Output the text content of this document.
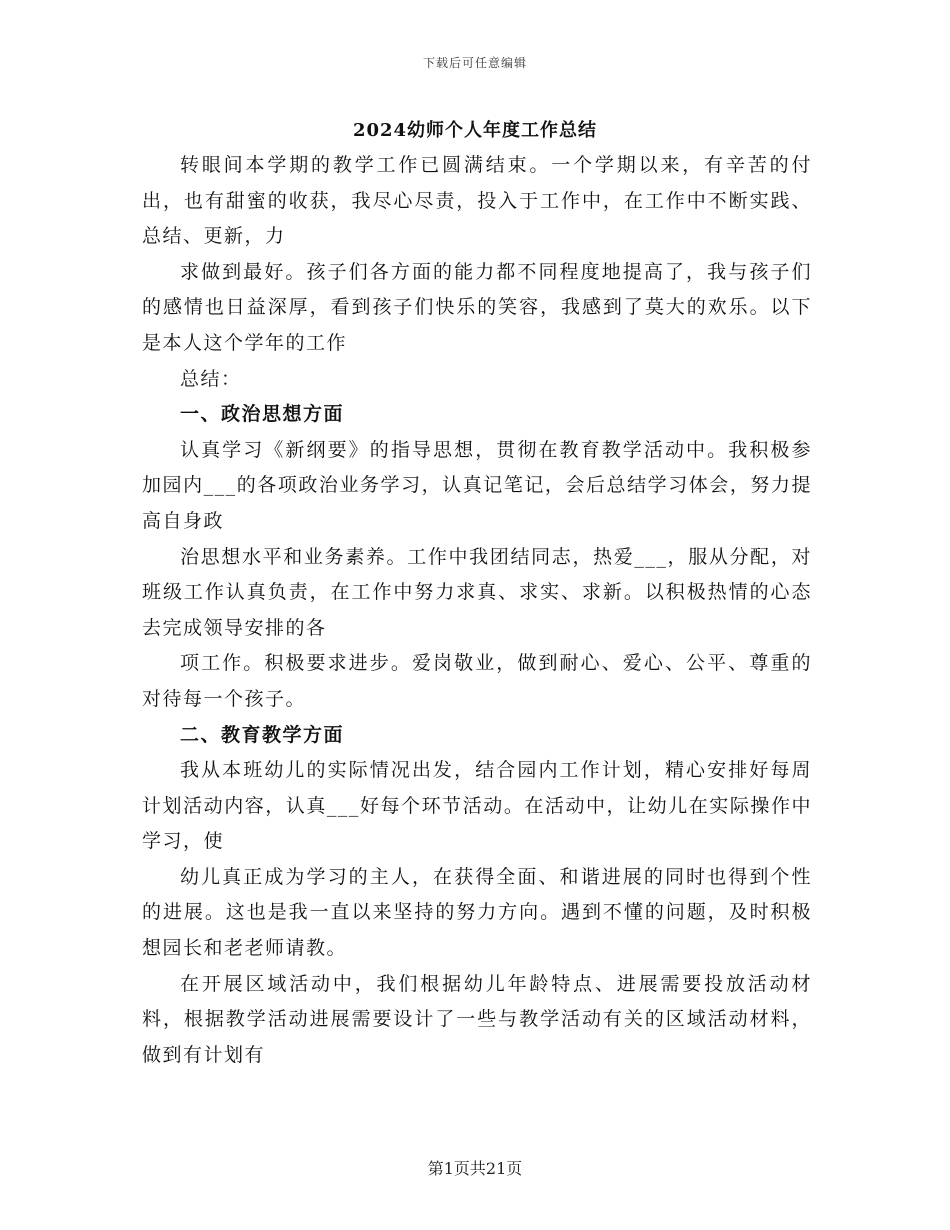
下载后可任意编辑
2024幼师个人年度工作总结

转眼间本学期的教学工作已圆满结束。一个学期以来，有辛苦的付出，也有甜蜜的收获，我尽心尽责，投入于工作中，在工作中不断实践、总结、更新，力

求做到最好。孩子们各方面的能力都不同程度地提高了，我与孩子们的感情也日益深厚，看到孩子们快乐的笑容，我感到了莫大的欢乐。以下是本人这个学年的工作

总结：

一、政治思想方面

认真学习《新纲要》的指导思想，贯彻在教育教学活动中。我积极参加园内___的各项政治业务学习，认真记笔记，会后总结学习体会，努力提高自身政

治思想水平和业务素养。工作中我团结同志，热爱___，服从分配，对班级工作认真负责，在工作中努力求真、求实、求新。以积极热情的心态去完成领导安排的各

项工作。积极要求进步。爱岗敬业，做到耐心、爱心、公平、尊重的对待每一个孩子。

二、教育教学方面

我从本班幼儿的实际情况出发，结合园内工作计划，精心安排好每周计划活动内容，认真___好每个环节活动。在活动中，让幼儿在实际操作中学习，使

幼儿真正成为学习的主人，在获得全面、和谐进展的同时也得到个性的进展。这也是我一直以来坚持的努力方向。遇到不懂的问题，及时积极想园长和老老师请教。

在开展区域活动中，我们根据幼儿年龄特点、进展需要投放活动材料，根据教学活动进展需要设计了一些与教学活动有关的区域活动材料，做到有计划有

第1页共21页
